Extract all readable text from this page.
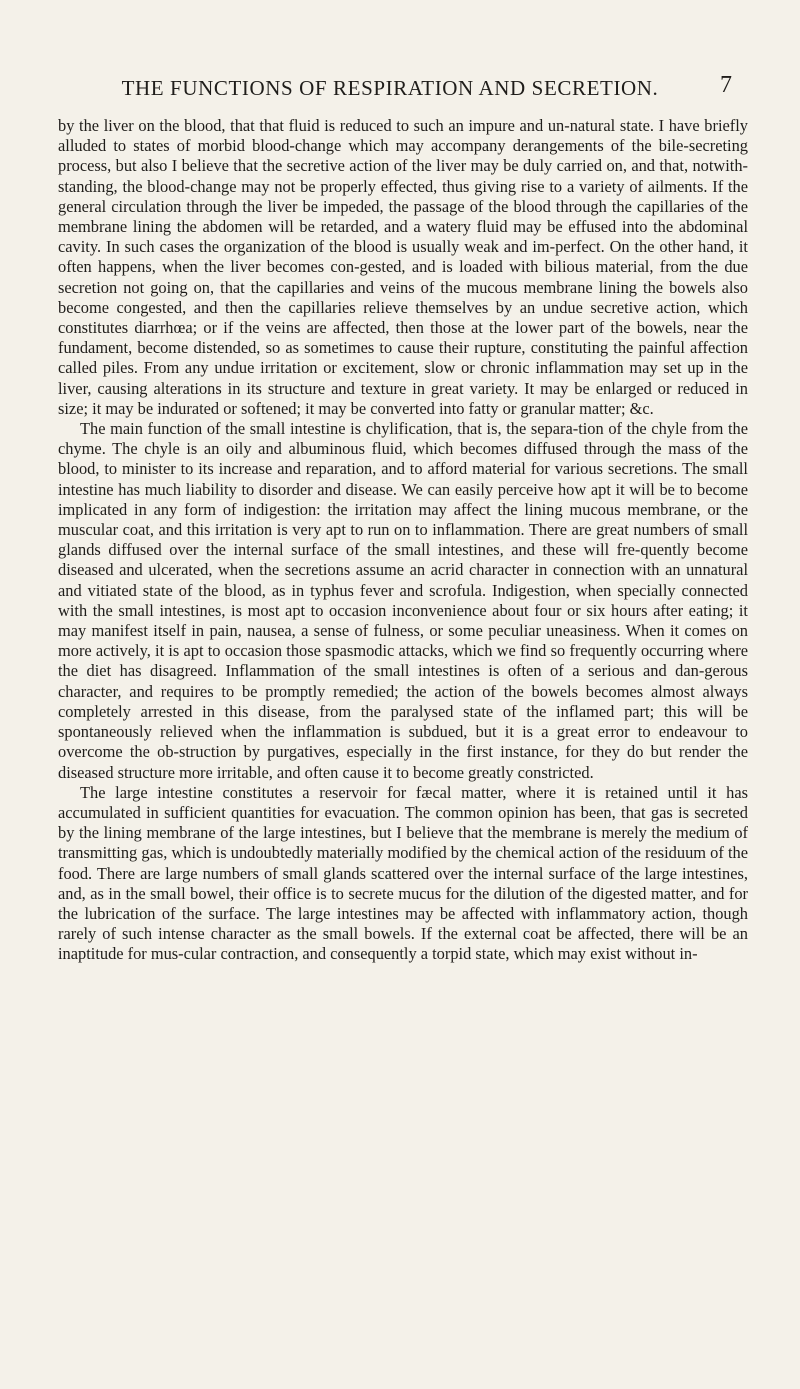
THE FUNCTIONS OF RESPIRATION AND SECRETION.	7

by the liver on the blood, that that fluid is reduced to such an impure and un-natural state. I have briefly alluded to states of morbid blood-change which may accompany derangements of the bile-secreting process, but also I believe that the secretive action of the liver may be duly carried on, and that, notwith-standing, the blood-change may not be properly effected, thus giving rise to a variety of ailments. If the general circulation through the liver be impeded, the passage of the blood through the capillaries of the membrane lining the abdomen will be retarded, and a watery fluid may be effused into the abdominal cavity. In such cases the organization of the blood is usually weak and im-perfect. On the other hand, it often happens, when the liver becomes con-gested, and is loaded with bilious material, from the due secretion not going on, that the capillaries and veins of the mucous membrane lining the bowels also become congested, and then the capillaries relieve themselves by an undue secretive action, which constitutes diarrhœa; or if the veins are affected, then those at the lower part of the bowels, near the fundament, become distended, so as sometimes to cause their rupture, constituting the painful affection called piles. From any undue irritation or excitement, slow or chronic inflammation may set up in the liver, causing alterations in its structure and texture in great variety. It may be enlarged or reduced in size; it may be indurated or softened; it may be converted into fatty or granular matter; &c.

The main function of the small intestine is chylification, that is, the separa-tion of the chyle from the chyme. The chyle is an oily and albuminous fluid, which becomes diffused through the mass of the blood, to minister to its increase and reparation, and to afford material for various secretions. The small intestine has much liability to disorder and disease. We can easily perceive how apt it will be to become implicated in any form of indigestion: the irritation may affect the lining mucous membrane, or the muscular coat, and this irritation is very apt to run on to inflammation. There are great numbers of small glands diffused over the internal surface of the small intestines, and these will fre-quently become diseased and ulcerated, when the secretions assume an acrid character in connection with an unnatural and vitiated state of the blood, as in typhus fever and scrofula. Indigestion, when specially connected with the small intestines, is most apt to occasion inconvenience about four or six hours after eating; it may manifest itself in pain, nausea, a sense of fulness, or some peculiar uneasiness. When it comes on more actively, it is apt to occasion those spasmodic attacks, which we find so frequently occurring where the diet has disagreed. Inflammation of the small intestines is often of a serious and dan-gerous character, and requires to be promptly remedied; the action of the bowels becomes almost always completely arrested in this disease, from the paralysed state of the inflamed part; this will be spontaneously relieved when the inflammation is subdued, but it is a great error to endeavour to overcome the ob-struction by purgatives, especially in the first instance, for they do but render the diseased structure more irritable, and often cause it to become greatly constricted.

The large intestine constitutes a reservoir for fæcal matter, where it is retained until it has accumulated in sufficient quantities for evacuation. The common opinion has been, that gas is secreted by the lining membrane of the large intestines, but I believe that the membrane is merely the medium of transmitting gas, which is undoubtedly materially modified by the chemical action of the residuum of the food. There are large numbers of small glands scattered over the internal surface of the large intestines, and, as in the small bowel, their office is to secrete mucus for the dilution of the digested matter, and for the lubrication of the surface. The large intestines may be affected with inflammatory action, though rarely of such intense character as the small bowels. If the external coat be affected, there will be an inaptitude for mus-cular contraction, and consequently a torpid state, which may exist without in-
